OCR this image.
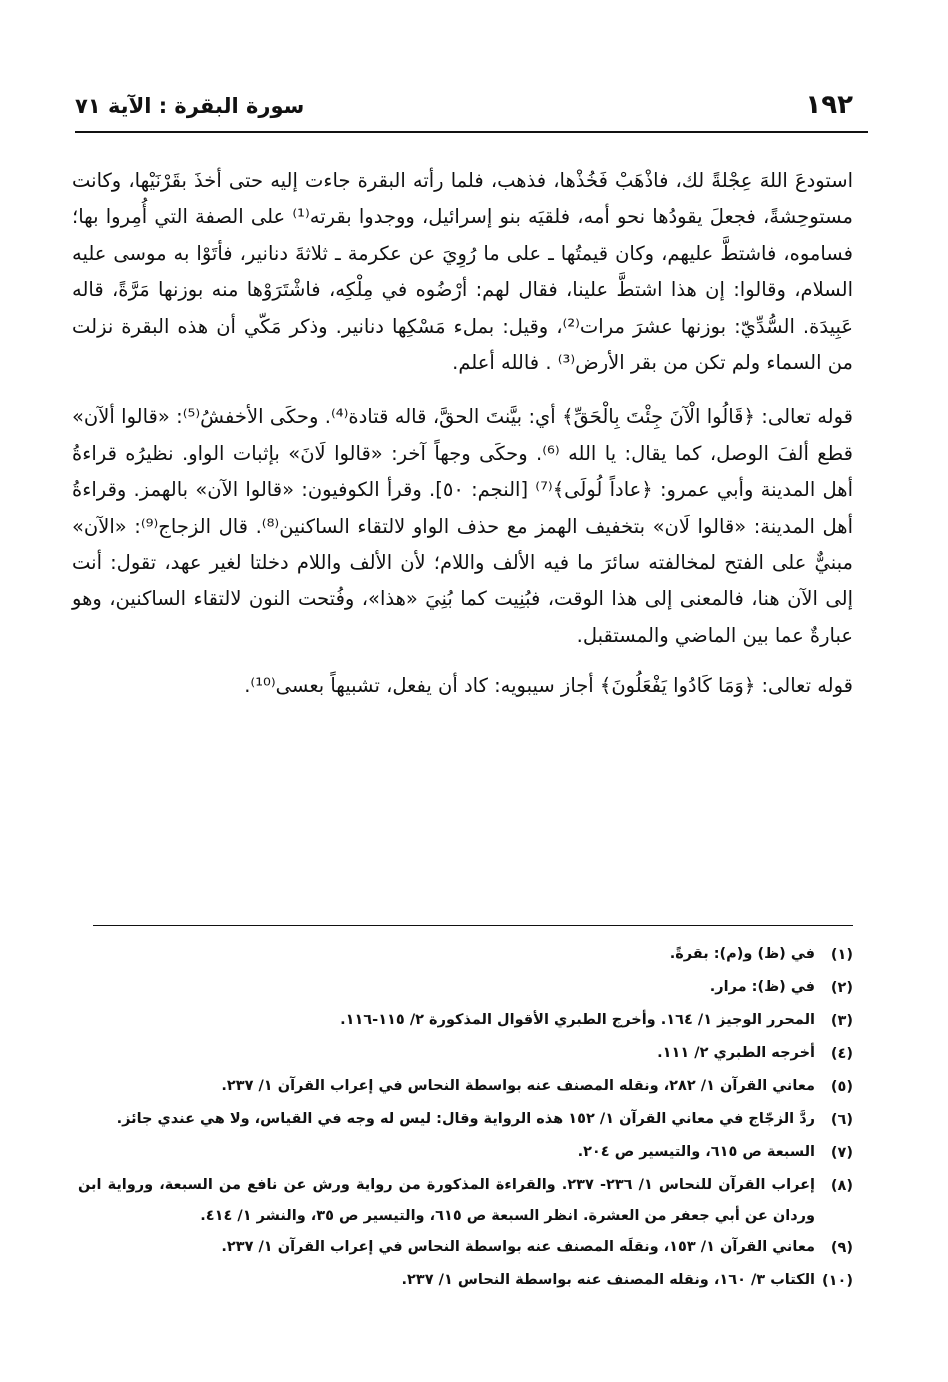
١٩٢
سورة البقرة : الآية ٧١

استودعَ اللهَ عِجْلةً لك، فاذْهَبْ فَخُذْها، فذهب، فلما رأته البقرة جاءت إليه حتى أخذَ بقَرْنَيْها، وكانت مستوحِشةً، فجعلَ يقودُها نحو أمه، فلقيَه بنو إسرائيل، ووجدوا بقرته⁽¹⁾ على الصفة التي أُمِروا بها؛ فساموه، فاشتطَّ عليهم، وكان قيمتُها ـ على ما رُوِيَ عن عكرمة ـ ثلاثةَ دنانير، فأتَوْا به موسى عليه السلام، وقالوا: إن هذا اشتطَّ علينا، فقال لهم: أرْضُوه في مِلْكِه، فاشْتَرَوْها منه بوزنها مَرَّةً، قاله عَبِيدَة. السُّدِّيّ: بوزنها عشرَ مرات⁽²⁾، وقيل: بملء مَسْكِها دنانير. وذكر مَكّي أن هذه البقرة نزلت من السماء ولم تكن من بقر الأرض⁽³⁾ . فالله أعلم.

قوله تعالى: ﴿قَالُوا الْآنَ جِئْتَ بِالْحَقِّ﴾ أي: بيَّنتَ الحقَّ، قاله قتادة⁽⁴⁾. وحكَى الأخفشُ⁽⁵⁾: «قالوا ألآن» قطع ألفَ الوصل، كما يقال: يا الله ⁽⁶⁾. وحكَى وجهاً آخر: «قالوا لَانَ» بإثبات الواو. نظيرُه قراءةُ أهل المدينة وأبي عمرو: ﴿عاداً لُولَى﴾⁽⁷⁾ [النجم: ٥٠]. وقرأ الكوفيون: «قالوا الآن» بالهمز. وقراءةُ أهل المدينة: «قالوا لَان» بتخفيف الهمز مع حذف الواو لالتقاء الساكنين⁽⁸⁾. قال الزجاج⁽⁹⁾: «الآن» مبنيٌّ على الفتح لمخالفته سائرَ ما فيه الألف واللام؛ لأن الألف واللام دخلتا لغير عهد، تقول: أنت إلى الآن هنا، فالمعنى إلى هذا الوقت، فبُنِيت كما بُنِيَ «هذا»، وفُتحت النون لالتقاء الساكنين، وهو عبارةٌ عما بين الماضي والمستقبل.

قوله تعالى: ﴿وَمَا كَادُوا يَفْعَلُونَ﴾ أجاز سيبويه: كاد أن يفعل، تشبيهاً بعسى⁽¹⁰⁾.

(١)
في (ظ) و(م): بقرةً.
(٢)
في (ظ): مرار.
(٣)
المحرر الوجيز ١/ ١٦٤. وأخرج الطبري الأقوال المذكورة ٢/ ١١٥-١١٦.
(٤)
أخرجه الطبري ٢/ ١١١.
(٥)
معاني القرآن ١/ ٢٨٢، ونقله المصنف عنه بواسطة النحاس في إعراب القرآن ١/ ٢٣٧.
(٦)
ردَّ الزجّاج في معاني القرآن ١/ ١٥٢ هذه الرواية وقال: ليس له وجه في القياس، ولا هي عندي جائز.
(٧)
السبعة ص ٦١٥، والتيسير ص ٢٠٤.
(٨)
إعراب القرآن للنحاس ١/ ٢٣٦- ٢٣٧. والقراءة المذكورة من رواية ورش عن نافع من السبعة، ورواية ابن وردان عن أبي جعفر من العشرة. انظر السبعة ص ٦١٥، والتيسير ص ٣٥، والنشر ١/ ٤١٤.
(٩)
معاني القرآن ١/ ١٥٣، ونقلَه المصنف عنه بواسطة النحاس في إعراب القرآن ١/ ٢٣٧.
(١٠)
الكتاب ٣/ ١٦٠، ونقله المصنف عنه بواسطة النحاس ١/ ٢٣٧.
